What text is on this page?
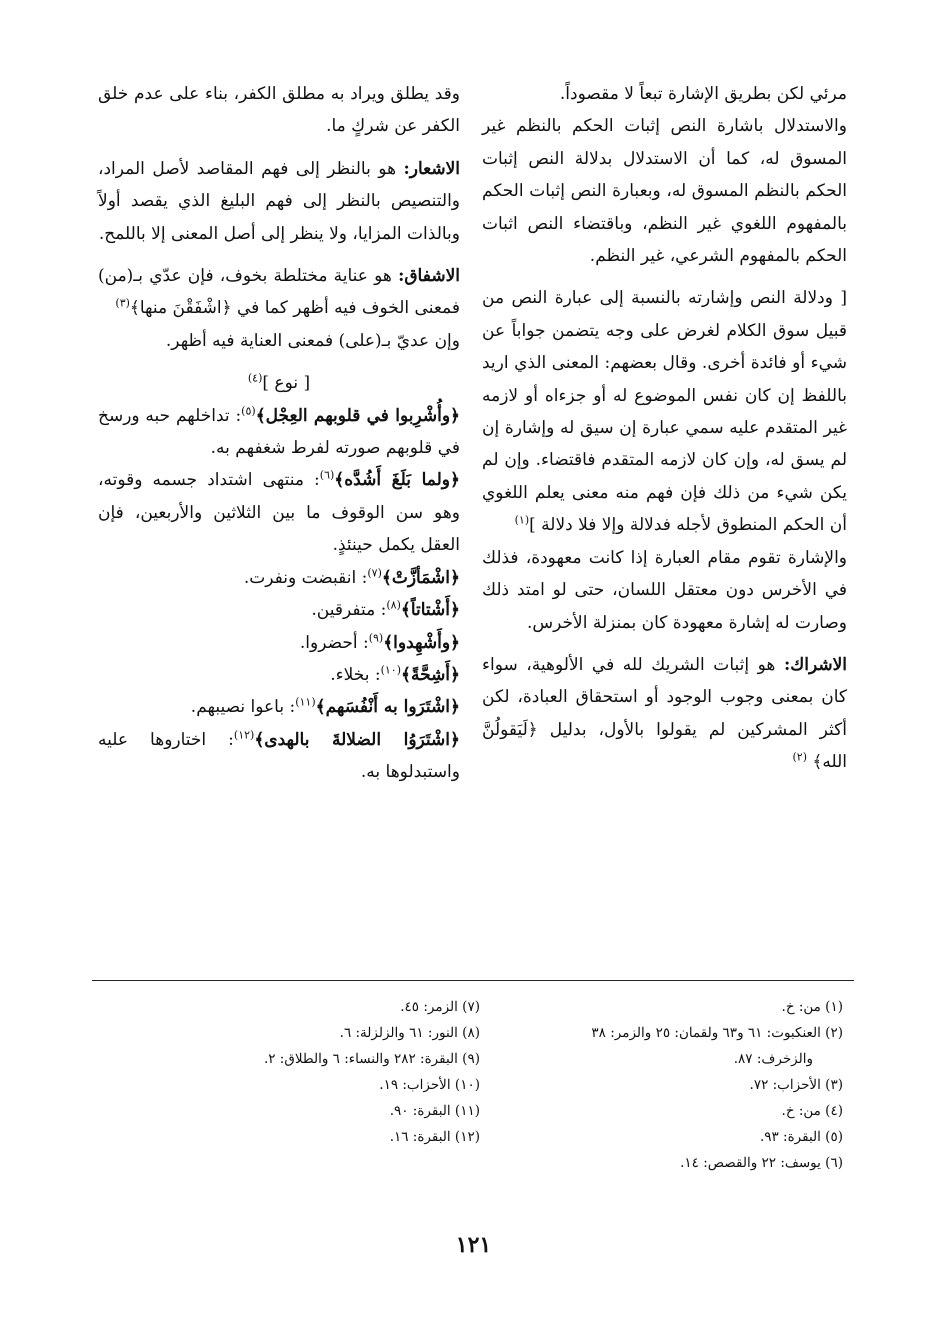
مرئي لكن بطريق الإشارة تبعاً لا مقصوداً.

والاستدلال باشارة النص إثبات الحكم بالنظم غير المسوق له، كما أن الاستدلال بدلالة النص إثبات الحكم بالنظم المسوق له، وبعبارة النص إثبات الحكم بالمفهوم اللغوي غير النظم، وباقتضاء النص اثبات الحكم بالمفهوم الشرعي، غير النظم.

[ ودلالة النص وإشارته بالنسبة إلى عبارة النص من قبيل سوق الكلام لغرض على وجه يتضمن جواباً عن شيء أو فائدة أخرى. وقال بعضهم: المعنى الذي اريد باللفظ إن كان نفس الموضوع له أو جزءاه أو لازمه غير المتقدم عليه سمي عبارة إن سيق له وإشارة إن لم يسق له، وإن كان لازمه المتقدم فاقتضاء. وإن لم يكن شيء من ذلك فإن فهم منه معنى يعلم اللغوي أن الحكم المنطوق لأجله فدلالة وإلا فلا دلالة ]$^{(١)}$

والإشارة تقوم مقام العبارة إذا كانت معهودة، فذلك في الأخرس دون معتقل اللسان، حتى لو امتد ذلك وصارت له إشارة معهودة كان بمنزلة الأخرس.

الاشراك: هو إثبات الشريك لله في الألوهية، سواء كان بمعنى وجوب الوجود أو استحقاق العبادة، لكن أكثر المشركين لم يقولوا بالأول، بدليل ﴿لَيَقولُنَّ الله﴾ $^{(٢)}$

وقد يطلق ويراد به مطلق الكفر، بناء على عدم خلق الكفر عن شركٍ ما.

الاشعار: هو بالنظر إلى فهم المقاصد لأصل المراد، والتنصيص بالنظر إلى فهم البليغ الذي يقصد أولاً وبالذات المزايا، ولا ينظر إلى أصل المعنى إلا باللمح.

الاشفاق: هو عناية مختلطة بخوف، فإن عدّي بـ(من) فمعنى الخوف فيه أظهر كما في ﴿اشْفَقْنَ منها﴾$^{(٣)}$

وإن عديّ بـ(على) فمعنى العناية فيه أظهر.

[ نوع ]$^{(٤)}$

﴿وأُشْرِبوا في قلوبهم العِجْل﴾$^{(٥)}$: تداخلهم حبه ورسخ في قلوبهم صورته لفرط شغفهم به.

﴿ولما بَلَغَ أَشُدَّه﴾$^{(٦)}$: منتهى اشتداد جسمه وقوته، وهو سن الوقوف ما بين الثلاثين والأربعين، فإن العقل يكمل حينئذٍ.

﴿اشْمَأزَّتْ﴾$^{(٧)}$: انقبضت ونفرت.

﴿أَشْتاتاً﴾$^{(٨)}$: متفرقين.

﴿وأَشْهِدوا﴾$^{(٩)}$: أحضروا.

﴿أَشِحَّةً﴾$^{(١٠)}$: بخلاء.

﴿اشْتَرَوا به أَنْفُسَهم﴾$^{(١١)}$: باعوا نصيبهم.

﴿اشْتَرَوُا الضلالةَ بالهدى﴾$^{(١٢)}$: اختاروها عليه واستبدلوها به.

(١) من: خ.
(٢) العنكبوت: ٦١ و٦٣ ولقمان: ٢٥ والزمر: ٣٨
والزخرف: ٨٧.
(٣) الأحزاب: ٧٢.
(٤) من: خ.
(٥) البقرة: ٩٣.
(٦) يوسف: ٢٢ والقصص: ١٤.
(٧) الزمر: ٤٥.
(٨) النور: ٦١ والزلزلة: ٦.
(٩) البقرة: ٢٨٢ والنساء: ٦ والطلاق: ٢.
(١٠) الأحزاب: ١٩.
(١١) البقرة: ٩٠.
(١٢) البقرة: ١٦.
١٢١
